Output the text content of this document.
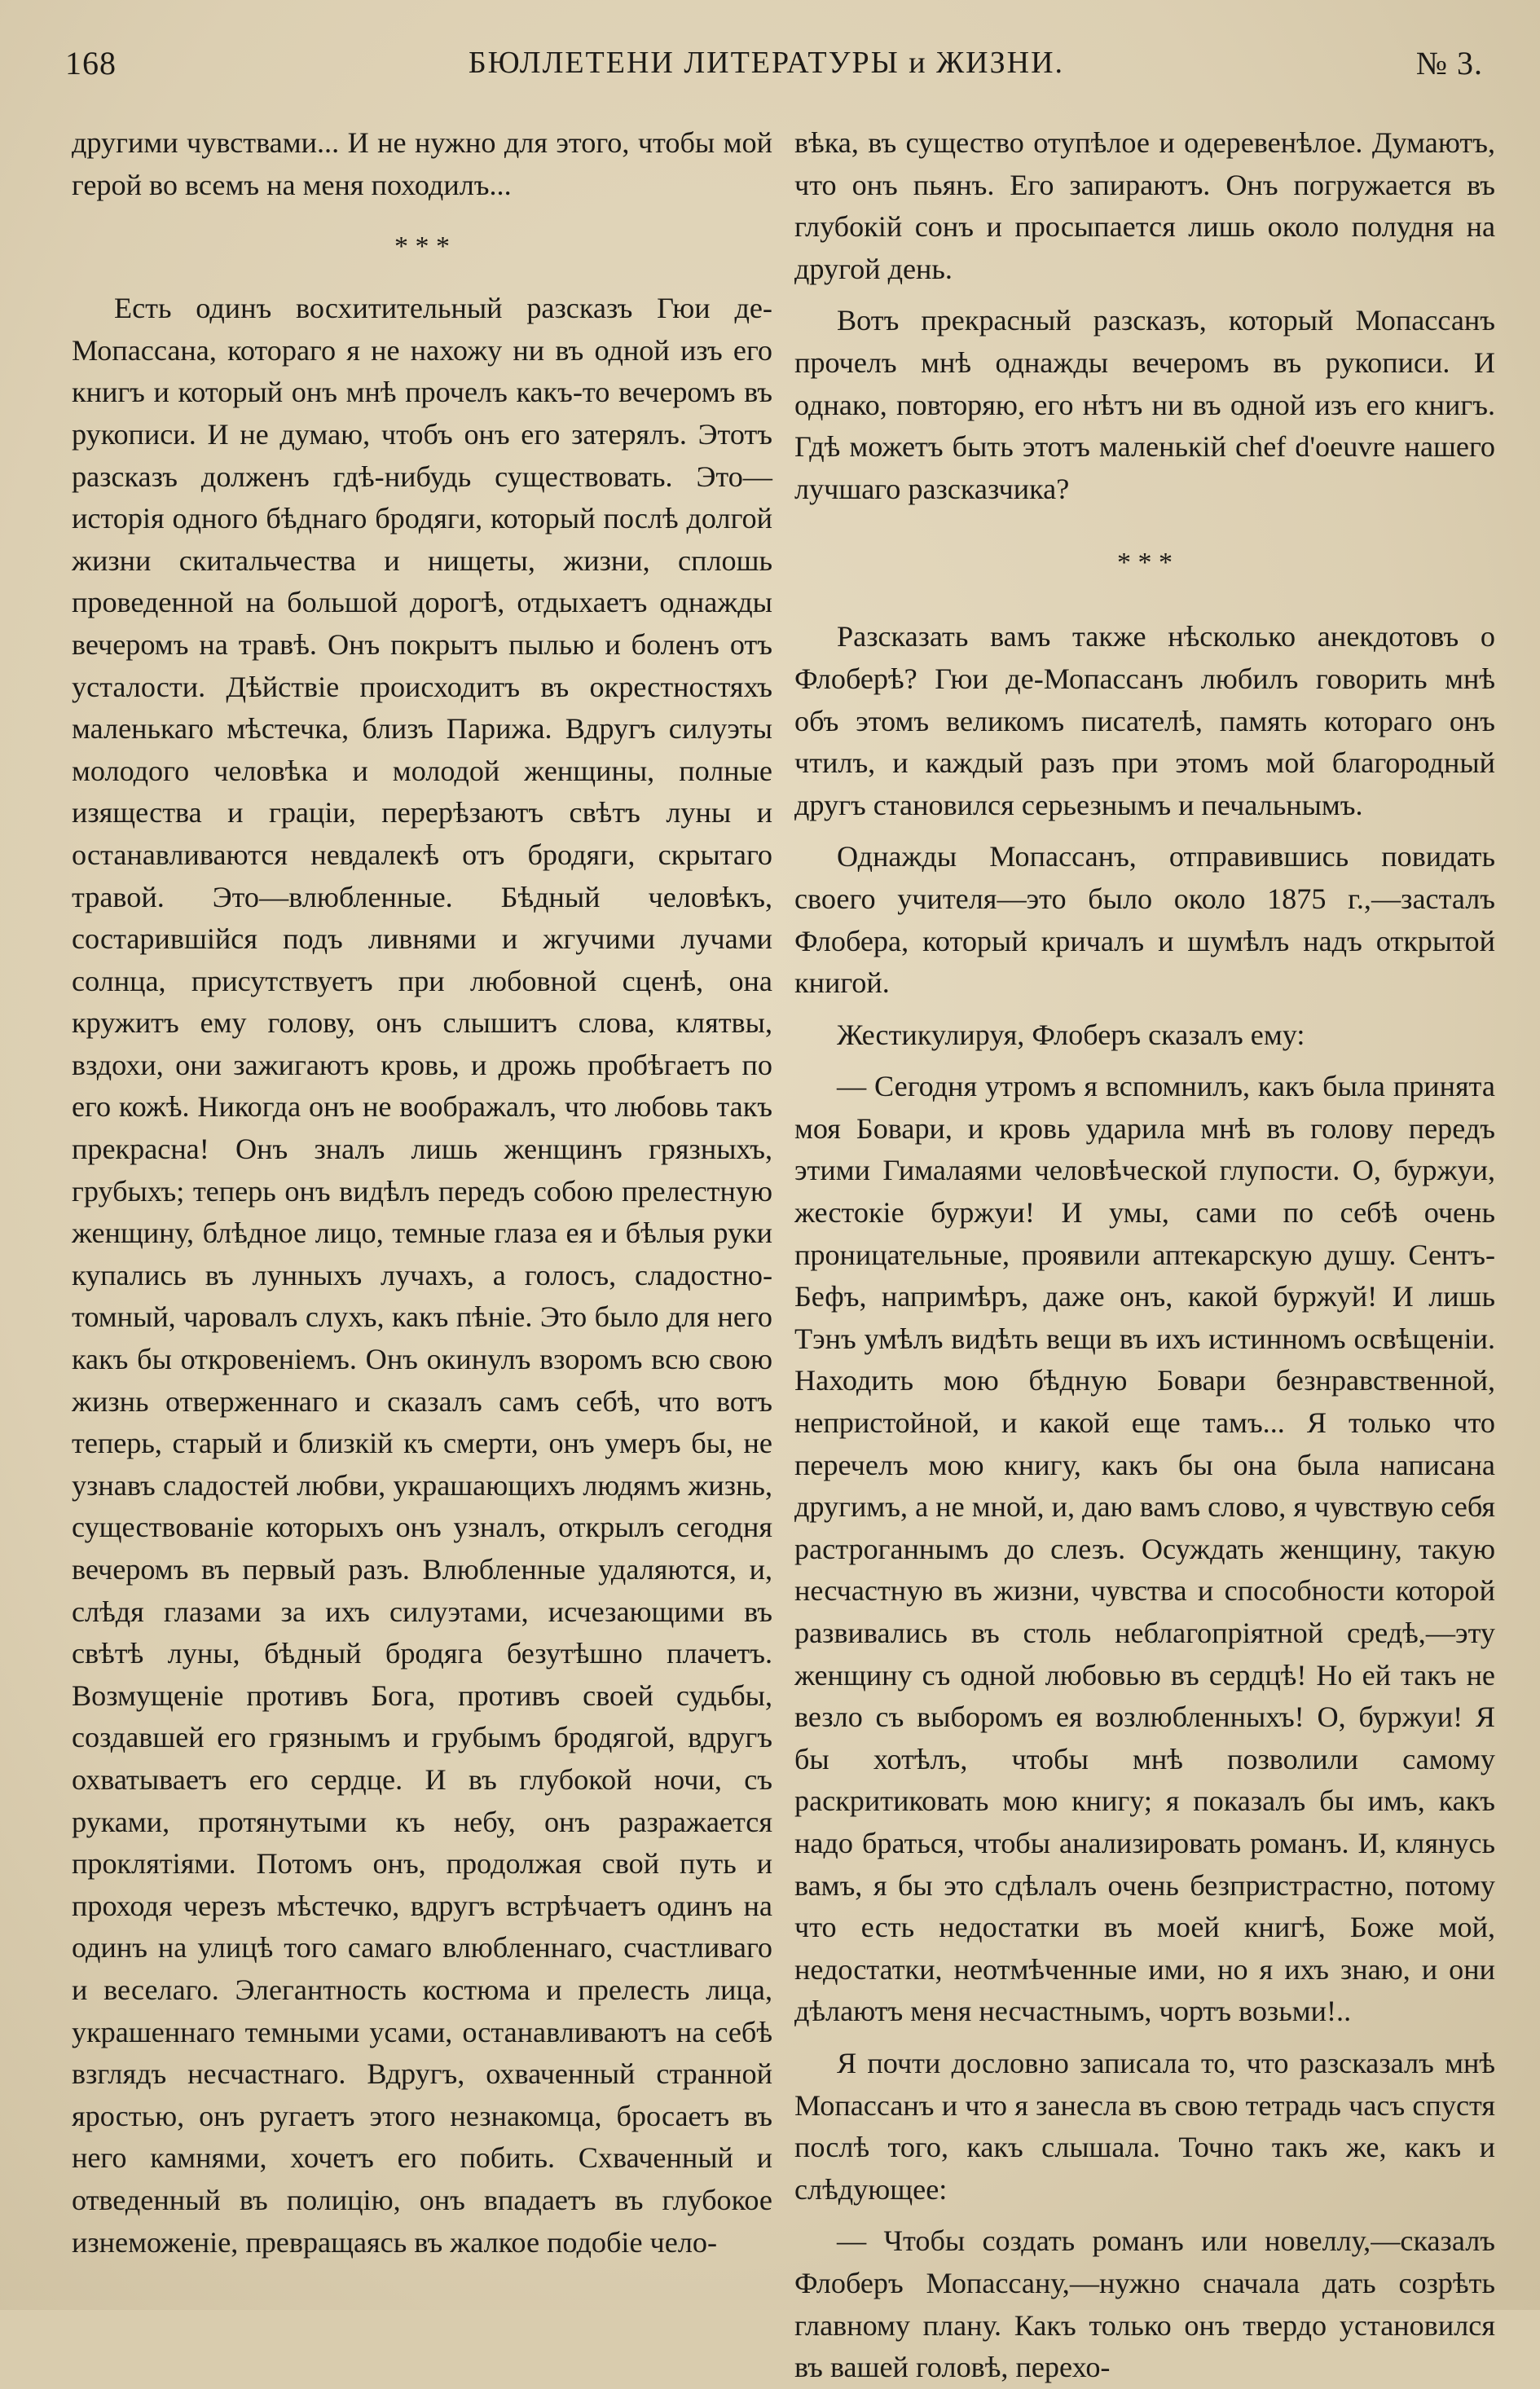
168	БЮЛЛЕТЕНИ ЛИТЕРАТУРЫ и ЖИЗНИ.	№ 3.

другими чувствами... И не нужно для этого, чтобы мой герой во всемъ на меня походилъ...

* * *

Есть одинъ восхитительный разсказъ Гюи де-Мопассана, котораго я не нахожу ни въ одной изъ его книгъ и который онъ мнѣ прочелъ какъ-то вечеромъ въ рукописи. И не думаю, чтобъ онъ его затерялъ. Этотъ разсказъ долженъ гдѣ-нибудь существовать. Это—исторія одного бѣднаго бродяги, который послѣ долгой жизни скитальчества и нищеты, жизни, сплошь проведенной на большой дорогѣ, отдыхаетъ однажды вечеромъ на травѣ. Онъ покрытъ пылью и боленъ отъ усталости. Дѣйствіе происходитъ въ окрестностяхъ маленькаго мѣстечка, близъ Парижа. Вдругъ силуэты молодого человѣка и молодой женщины, полные изящества и граціи, перерѣзаютъ свѣтъ луны и останавливаются невдалекѣ отъ бродяги, скрытаго травой. Это—влюбленные. Бѣдный человѣкъ, состарившійся подъ ливнями и жгучими лучами солнца, присутствуетъ при любовной сценѣ, она кружитъ ему голову, онъ слышитъ слова, клятвы, вздохи, они зажигаютъ кровь, и дрожь пробѣгаетъ по его кожѣ. Никогда онъ не воображалъ, что любовь такъ прекрасна! Онъ зналъ лишь женщинъ грязныхъ, грубыхъ; теперь онъ видѣлъ передъ собою прелестную женщину, блѣдное лицо, темные глаза ея и бѣлыя руки купались въ лунныхъ лучахъ, а голосъ, сладостно-томный, чаровалъ слухъ, какъ пѣніе. Это было для него какъ бы откровеніемъ. Онъ окинулъ взоромъ всю свою жизнь отверженнаго и сказалъ самъ себѣ, что вотъ теперь, старый и близкій къ смерти, онъ умеръ бы, не узнавъ сладостей любви, украшающихъ людямъ жизнь, существованіе которыхъ онъ узналъ, открылъ сегодня вечеромъ въ первый разъ. Влюбленные удаляются, и, слѣдя глазами за ихъ силуэтами, исчезающими въ свѣтѣ луны, бѣдный бродяга безутѣшно плачетъ. Возмущеніе противъ Бога, противъ своей судьбы, создавшей его грязнымъ и грубымъ бродягой, вдругъ охватываетъ его сердце. И въ глубокой ночи, съ руками, протянутыми къ небу, онъ разражается проклятіями. Потомъ онъ, продолжая свой путь и проходя черезъ мѣстечко, вдругъ встрѣчаетъ одинъ на одинъ на улицѣ того самаго влюбленнаго, счастливаго и веселаго. Элегантность костюма и прелесть лица, украшеннаго темными усами, останавливаютъ на себѣ взглядъ несчастнаго. Вдругъ, охваченный странной яростью, онъ ругаетъ этого незнакомца, бросаетъ въ него камнями, хочетъ его побить. Схваченный и отведенный въ полицію, онъ впадаетъ въ глубокое изнеможеніе, превращаясь въ жалкое подобіе чело-

вѣка, въ существо отупѣлое и одеревенѣлое. Думаютъ, что онъ пьянъ. Его запираютъ. Онъ погружается въ глубокій сонъ и просыпается лишь около полудня на другой день.

Вотъ прекрасный разсказъ, который Мопассанъ прочелъ мнѣ однажды вечеромъ въ рукописи. И однако, повторяю, его нѣтъ ни въ одной изъ его книгъ. Гдѣ можетъ быть этотъ маленькій chef d'oeuvre нашего лучшаго разсказчика?

* * *

Разсказать вамъ также нѣсколько анекдотовъ о Флоберѣ? Гюи де-Мопассанъ любилъ говорить мнѣ объ этомъ великомъ писателѣ, память котораго онъ чтилъ, и каждый разъ при этомъ мой благородный другъ становился серьезнымъ и печальнымъ.

Однажды Мопассанъ, отправившись повидать своего учителя—это было около 1875 г.,—засталъ Флобера, который кричалъ и шумѣлъ надъ открытой книгой.

Жестикулируя, Флоберъ сказалъ ему:

— Сегодня утромъ я вспомнилъ, какъ была принята моя Бовари, и кровь ударила мнѣ въ голову передъ этими Гималаями человѣческой глупости. О, буржуи, жестокіе буржуи! И умы, сами по себѣ очень проницательные, проявили аптекарскую душу. Сентъ-Бефъ, напримѣръ, даже онъ, какой буржуй! И лишь Тэнъ умѣлъ видѣть вещи въ ихъ истинномъ освѣщеніи. Находить мою бѣдную Бовари безнравственной, непристойной, и какой еще тамъ... Я только что перечелъ мою книгу, какъ бы она была написана другимъ, а не мной, и, даю вамъ слово, я чувствую себя растроганнымъ до слезъ. Осуждать женщину, такую несчастную въ жизни, чувства и способности которой развивались въ столь неблагопріятной средѣ,—эту женщину съ одной любовью въ сердцѣ! Но ей такъ не везло съ выборомъ ея возлюбленныхъ! О, буржуи! Я бы хотѣлъ, чтобы мнѣ позволили самому раскритиковать мою книгу; я показалъ бы имъ, какъ надо браться, чтобы анализировать романъ. И, клянусь вамъ, я бы это сдѣлалъ очень безпристрастно, потому что есть недостатки въ моей книгѣ, Боже мой, недостатки, неотмѣченные ими, но я ихъ знаю, и они дѣлаютъ меня несчастнымъ, чортъ возьми!..

Я почти дословно записала то, что разсказалъ мнѣ Мопассанъ и что я занесла въ свою тетрадь часъ спустя послѣ того, какъ слышала. Точно такъ же, какъ и слѣдующее:

— Чтобы создать романъ или новеллу,—сказалъ Флоберъ Мопассану,—нужно сначала дать созрѣть главному плану. Какъ только онъ твердо установился въ вашей головѣ, перехо-
